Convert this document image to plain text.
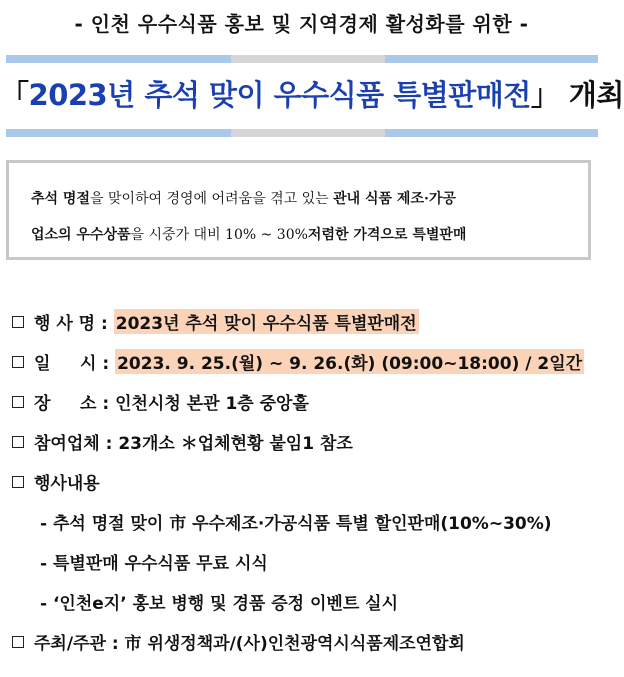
- 인천 우수식품 홍보 및 지역경제 활성화를 위한 -
「2023년 추석 맞이 우수식품 특별판매전」 개최
추석 명절을 맞이하여 경영에 어려움을 겪고 있는 관내 식품 제조·가공
업소의 우수상품을 시중가 대비 10% ~ 30%저렴한 가격으로 특별판매
행 사 명 :
2023년 추석 맞이 우수식품 특별판매전
일     시 :
2023. 9. 25.(월) ~ 9. 26.(화) (09:00~18:00) / 2일간
장     소 :
인천시청 본관 1층 중앙홀
참여업체 :
23개소 ＊업체현황 붙임1 참조
행사내용
- 추석 명절 맞이 市 우수제조·가공식품 특별 할인판매(10%~30%)
- 특별판매 우수식품 무료 시식
- ‘인천e지’ 홍보 병행 및 경품 증정 이벤트 실시
주최/주관 :
市 위생정책과/(사)인천광역시식품제조연합회
